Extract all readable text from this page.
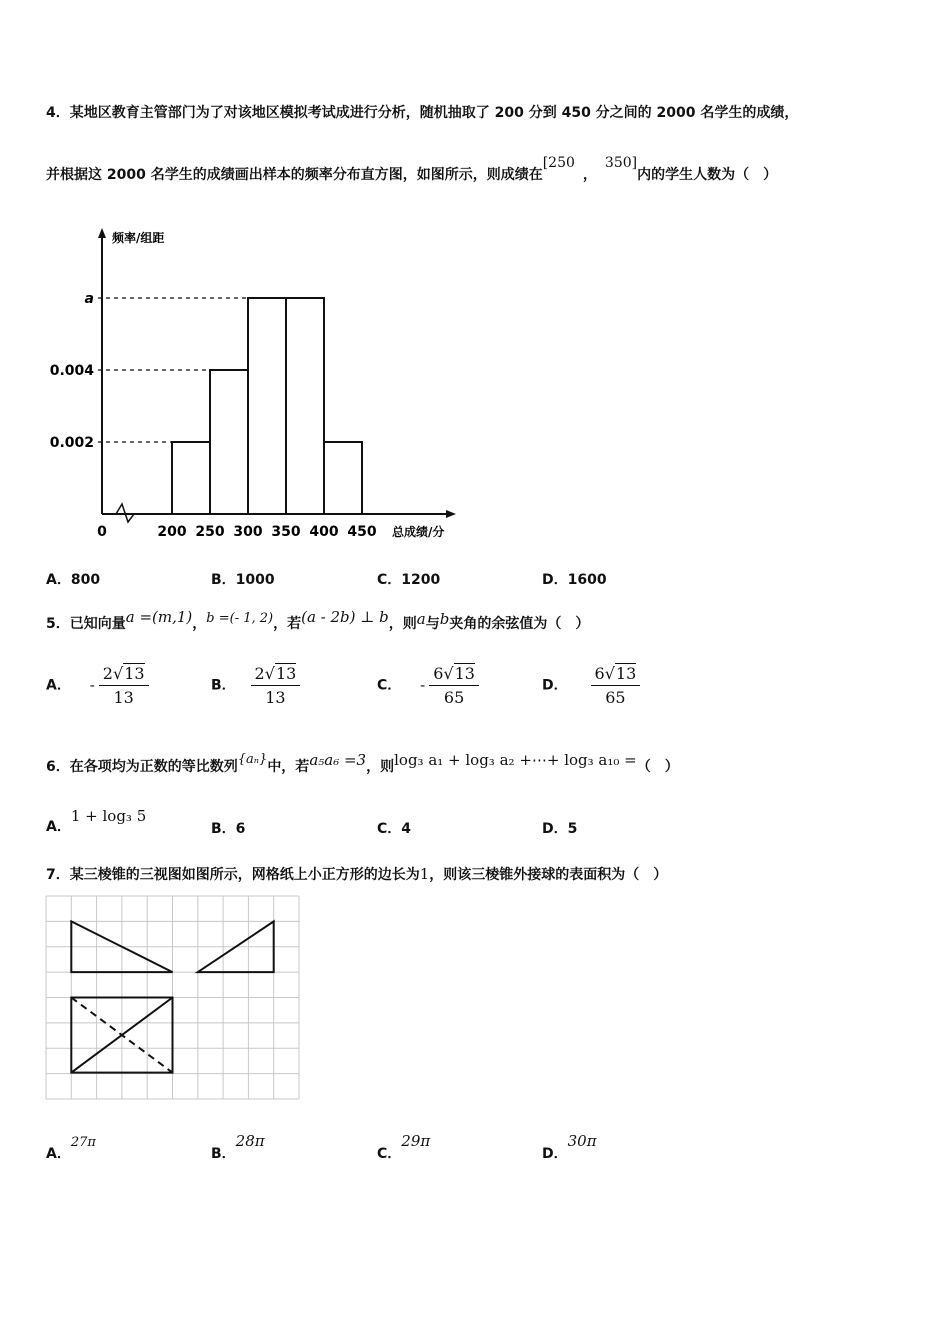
4．某地区教育主管部门为了对该地区模拟考试成进行分析，随机抽取了 200 分到 450 分之间的 2000 名学生的成绩，
并根据这 2000 名学生的成绩画出样本的频率分布直方图，如图所示，则成绩在[250，350]内的学生人数为（　）
0.002
0.004
a
0	200 250 300 350 400 450 总成绩/分
频率/组距
A．800	B．1000	C．1200	D．1600
5．已知向量a =(m,1)，b =(- 1, 2)，若(a - 2b) ⊥ b，则a与b夹角的余弦值为（　）
A． - $\frac{2√13}{13}$	B． $\frac{2√13}{13}$	C． - $\frac{6√13}{65}$	D． $\frac{6√13}{65}$
6．在各项均为正数的等比数列{aₙ}中，若a₅a₆ =3，则log₃ a₁ + log₃ a₂ +⋯+ log₃ a₁₀ =（　）
A．1 + log₃ 5
B．6	C．4	D．5
7．某三棱锥的三视图如图所示，网格纸上小正方形的边长为1，则该三棱锥外接球的表面积为（　）
A．27π
B．28π
C．29π
D．30π
